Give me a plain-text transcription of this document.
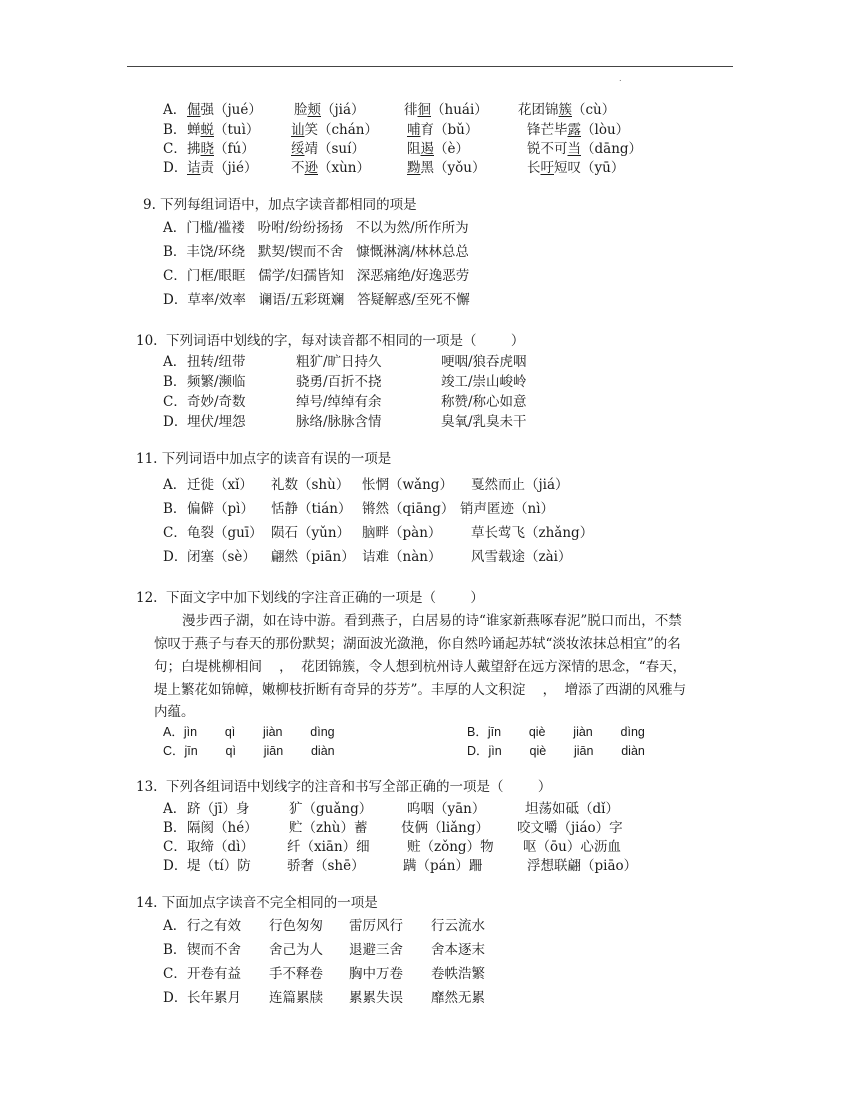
.
A． 倔强（jué） 脸颊（jiá）	徘徊（huái） 花团锦簇（cù）
B． 蝉蜕（tuì） 讪笑（chán） 哺育（bǔ）	锋芒毕露（lòu）
C． 拂晓（fú）	绥靖（suí）	阻遏（è）	锐不可当（dāng）
D． 诘责（jié） 不逊（xùn）	黝黑（yǒu）	长吁短叹（yū）
9. 下列每组词语中，加点字读音都相同的项是
A．门槛/褴褛   吩咐/纷纷扬扬   不以为然/所作所为
B．丰饶/环绕   默契/锲而不舍   慷慨淋漓/林林总总
C．门框/眼眶   儒学/妇孺皆知   深恶痛绝/好逸恶劳
D．草率/效率   谰语/五彩斑斓   答疑解惑/至死不懈
10.  下列词语中划线的字，每对读音都不相同的一项是（        ）
A． 扭转/纽带	粗犷/旷日持久	哽咽/狼吞虎咽
B． 频繁/濒临	骁勇/百折不挠	竣工/崇山峻岭
C． 奇妙/奇数	绰号/绰绰有余	称赞/称心如意
D． 埋伏/埋怨	脉络/脉脉含情	臭氧/乳臭未干
11. 下列词语中加点字的读音有误的一项是
A． 迁徙（xǐ） 礼数（shù） 怅惘（wǎng） 戛然而止（jiá）
B． 偏僻（pì） 恬静（tián） 锵然（qiāng） 销声匿迹（nì）
C． 龟裂（guī） 陨石（yǔn） 脑畔（pàn） 草长莺飞（zhǎng）
D． 闭塞（sè） 翩然（piān） 诘难（nàn） 风雪载途（zài）
12.  下面文字中加下划线的字注音正确的一项是（        ）
漫步西子湖，如在诗中游。看到燕子，白居易的诗“谁家新燕啄春泥”脱口而出，不禁
惊叹于燕子与春天的那份默契；湖面波光潋滟，你自然吟诵起苏轼“淡妆浓抹总相宜”的名
句；白堤桃柳相间    ，  花团锦簇，令人想到杭州诗人戴望舒在远方深情的思念，“春天，
堤上繁花如锦幛，嫩柳枝折断有奇异的芬芳”。丰厚的人文积淀    ，  增添了西湖的风雅与
内蕴。
A．jìn        qì        jiàn        dìng	B．jīn        qiè        jiàn        dìng
C．jīn        qì        jiān        diàn	D．jìn        qiè        jiān        diàn
13.  下列各组词语中划线字的注音和书写全部正确的一项是（        ）
A． 跻（jī）身	犷（guǎng）	呜咽（yān）	坦荡如砥（dǐ）
B． 隔阂（hé） 贮（zhù）蓄 伎俩（liǎng） 咬文嚼（jiáo）字
C． 取缔（dì） 纤（xiān）细	赃（zǒng）物 呕（ōu）心沥血
D． 堤（tí）防	骄奢（shē）	蹒（pán）跚	浮想联翩（piāo）
14. 下面加点字读音不完全相同的一项是
A． 行之有效 行色匆匆 雷厉风行 行云流水
B． 锲而不舍 舍己为人 退避三舍 舍本逐末
C． 开卷有益 手不释卷 胸中万卷 卷帙浩繁
D． 长年累月 连篇累牍 累累失误 靡然无累
